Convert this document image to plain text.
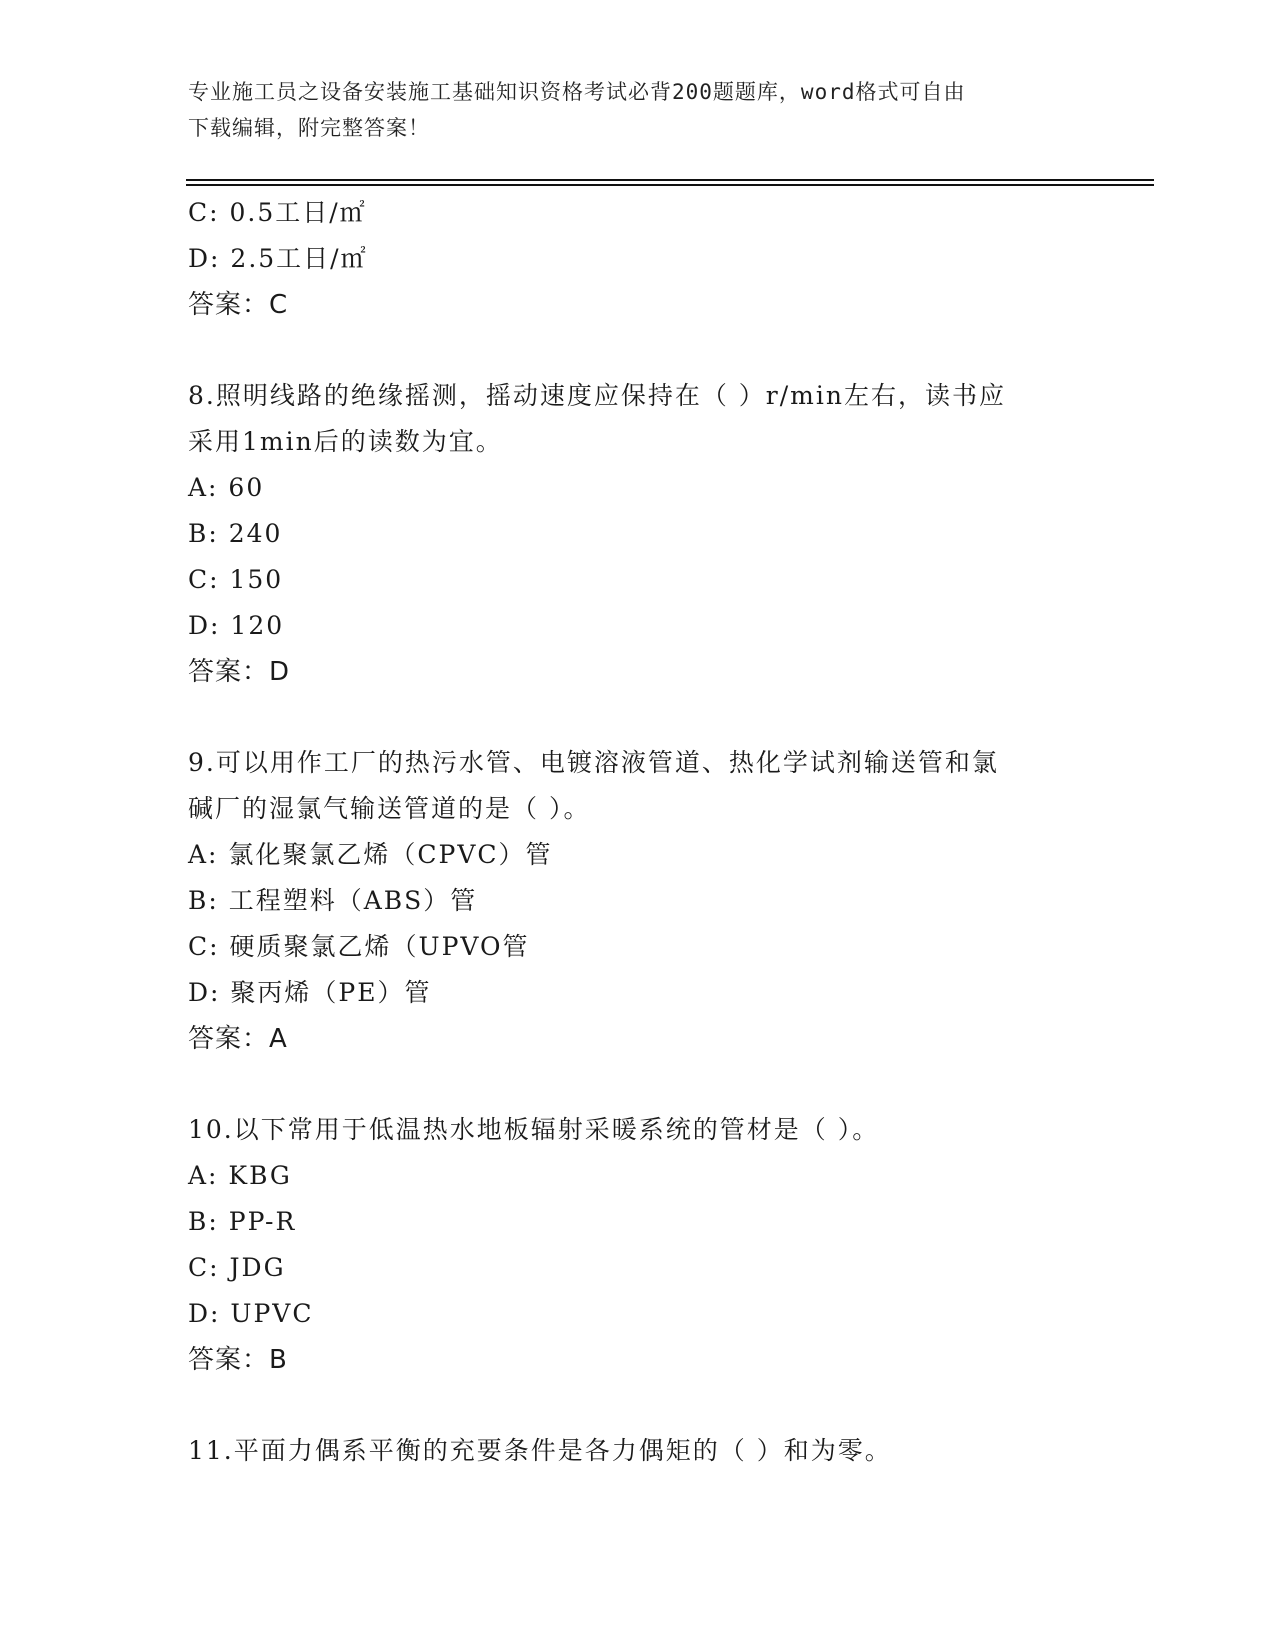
专业施工员之设备安装施工基础知识资格考试必背200题题库，word格式可自由
下载编辑，附完整答案！
C: 0.5工日/㎡
D: 2.5工日/㎡
答案：C
8.照明线路的绝缘摇测，摇动速度应保持在（ ）r/min左右，读书应
采用1min后的读数为宜。
A: 60
B: 240
C: 150
D: 120
答案：D
9.可以用作工厂的热污水管、电镀溶液管道、热化学试剂输送管和氯
碱厂的湿氯气输送管道的是（ ）。
A: 氯化聚氯乙烯（CPVC）管
B: 工程塑料（ABS）管
C: 硬质聚氯乙烯（UPVO管
D: 聚丙烯（PE）管
答案：A
10.以下常用于低温热水地板辐射采暖系统的管材是（ ）。
A: KBG
B: PP-R
C: JDG
D: UPVC
答案：B
11.平面力偶系平衡的充要条件是各力偶矩的（ ）和为零。
